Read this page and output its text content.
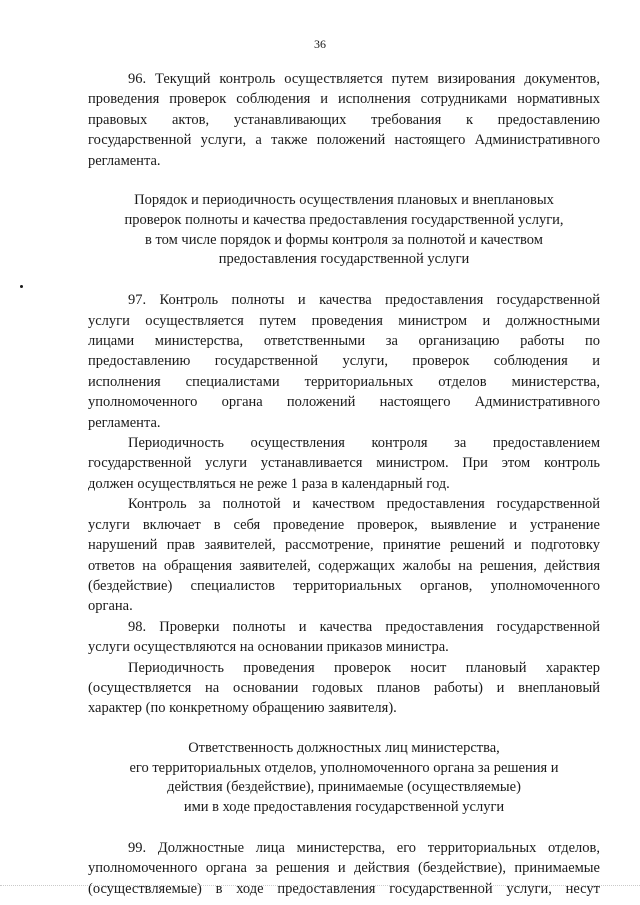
36

96. Текущий контроль осуществляется путем визирования документов,

проведения проверок соблюдения и исполнения сотрудниками нормативных

правовых актов, устанавливающих требования к предоставлению

государственной услуги, а также положений настоящего Административного

регламента.

Порядок и периодичность осуществления плановых и внеплановых

проверок полноты и качества предоставления государственной услуги,

в том числе порядок и формы контроля за полнотой и качеством

предоставления государственной услуги

97. Контроль полноты и качества предоставления государственной

услуги осуществляется путем проведения министром и должностными

лицами министерства, ответственными за организацию работы по

предоставлению государственной услуги, проверок соблюдения и

исполнения специалистами территориальных отделов министерства,

уполномоченного органа положений настоящего Административного

регламента.

Периодичность осуществления контроля за предоставлением

государственной услуги устанавливается министром. При этом контроль

должен осуществляться не реже 1 раза в календарный год.

Контроль за полнотой и качеством предоставления государственной

услуги включает в себя проведение проверок, выявление и устранение

нарушений прав заявителей, рассмотрение, принятие решений и подготовку

ответов на обращения заявителей, содержащих жалобы на решения, действия

(бездействие) специалистов территориальных органов, уполномоченного

органа.

98. Проверки полноты и качества предоставления государственной

услуги осуществляются на основании приказов министра.

Периодичность проведения проверок носит плановый характер

(осуществляется на основании годовых планов работы) и внеплановый

характер (по конкретному обращению заявителя).

Ответственность должностных лиц министерства,

его территориальных отделов, уполномоченного органа за решения и

действия (бездействие), принимаемые (осуществляемые)

ими в ходе предоставления государственной услуги

99. Должностные лица министерства, его территориальных отделов,

уполномоченного органа за решения и действия (бездействие), принимаемые

(осуществляемые) в ходе предоставления государственной услуги, несут
